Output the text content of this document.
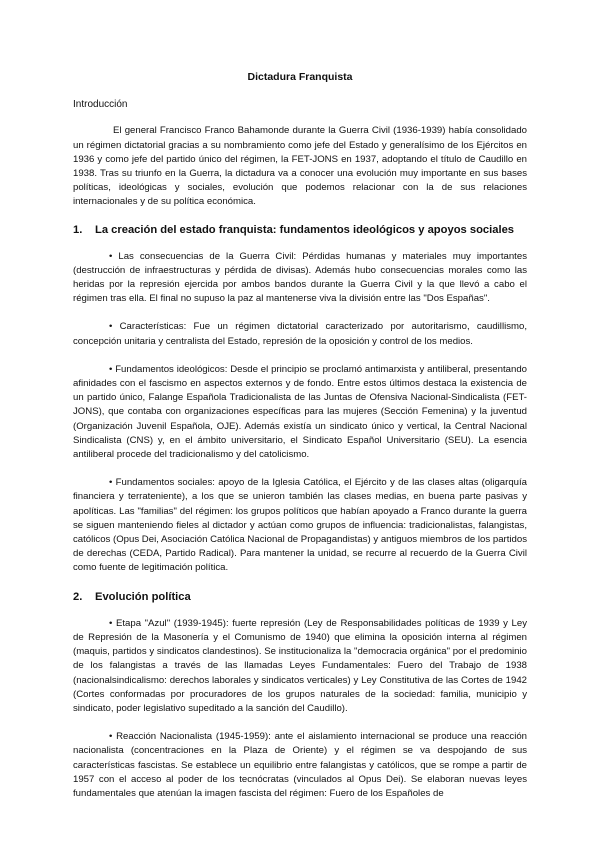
Dictadura Franquista
Introducción

El general Francisco Franco Bahamonde durante la Guerra Civil (1936-1939) había consolidado un régimen dictatorial gracias a su nombramiento como jefe del Estado y generalísimo de los Ejércitos en 1936 y como jefe del partido único del régimen, la FET-JONS en 1937, adoptando el título de Caudillo en 1938. Tras su triunfo en la Guerra, la dictadura va a conocer una evolución muy importante en sus bases políticas, ideológicas y sociales, evolución que podemos relacionar con la de sus relaciones internacionales y de su política económica.

1.	La creación del estado franquista: fundamentos ideológicos y apoyos sociales

• Las consecuencias de la Guerra Civil: Pérdidas humanas y materiales muy importantes (destrucción de infraestructuras y pérdida de divisas). Además hubo consecuencias morales como las heridas por la represión ejercida por ambos bandos durante la Guerra Civil y la que llevó a cabo el régimen tras ella. El final no supuso la paz al mantenerse viva la división entre las "Dos Españas".

• Características: Fue un régimen dictatorial caracterizado por autoritarismo, caudillismo, concepción unitaria y centralista del Estado, represión de la oposición y control de los medios.

• Fundamentos ideológicos: Desde el principio se proclamó antimarxista y antiliberal, presentando afinidades con el fascismo en aspectos externos y de fondo. Entre estos últimos destaca la existencia de un partido único, Falange Española Tradicionalista de las Juntas de Ofensiva Nacional-Sindicalista (FET-JONS), que contaba con organizaciones específicas para las mujeres (Sección Femenina) y la juventud (Organización Juvenil Española, OJE). Además existía un sindicato único y vertical, la Central Nacional Sindicalista (CNS) y, en el ámbito universitario, el Sindicato Español Universitario (SEU). La esencia antiliberal procede del tradicionalismo y del catolicismo.

• Fundamentos sociales: apoyo de la Iglesia Católica, el Ejército y de las clases altas (oligarquía financiera y terrateniente), a los que se unieron también las clases medias, en buena parte pasivas y apolíticas. Las "familias" del régimen: los grupos políticos que habían apoyado a Franco durante la guerra se siguen manteniendo fieles al dictador y actúan como grupos de influencia: tradicionalistas, falangistas, católicos (Opus Dei, Asociación Católica Nacional de Propagandistas) y antiguos miembros de los partidos de derechas (CEDA, Partido Radical). Para mantener la unidad, se recurre al recuerdo de la Guerra Civil como fuente de legitimación política.

2.	Evolución política

• Etapa "Azul" (1939-1945): fuerte represión (Ley de Responsabilidades políticas de 1939 y Ley de Represión de la Masonería y el Comunismo de 1940) que elimina la oposición interna al régimen (maquis, partidos y sindicatos clandestinos). Se institucionaliza la "democracia orgánica" por el predominio de los falangistas a través de las llamadas Leyes Fundamentales: Fuero del Trabajo de 1938 (nacionalsindicalismo: derechos laborales y sindicatos verticales) y Ley Constitutiva de las Cortes de 1942 (Cortes conformadas por procuradores de los grupos naturales de la sociedad: familia, municipio y sindicato, poder legislativo supeditado a la sanción del Caudillo).

• Reacción Nacionalista (1945-1959): ante el aislamiento internacional se produce una reacción nacionalista (concentraciones en la Plaza de Oriente) y el régimen se va despojando de sus características fascistas. Se establece un equilibrio entre falangistas y católicos, que se rompe a partir de 1957 con el acceso al poder de los tecnócratas (vinculados al Opus Dei). Se elaboran nuevas leyes fundamentales que atenúan la imagen fascista del régimen: Fuero de los Españoles de
